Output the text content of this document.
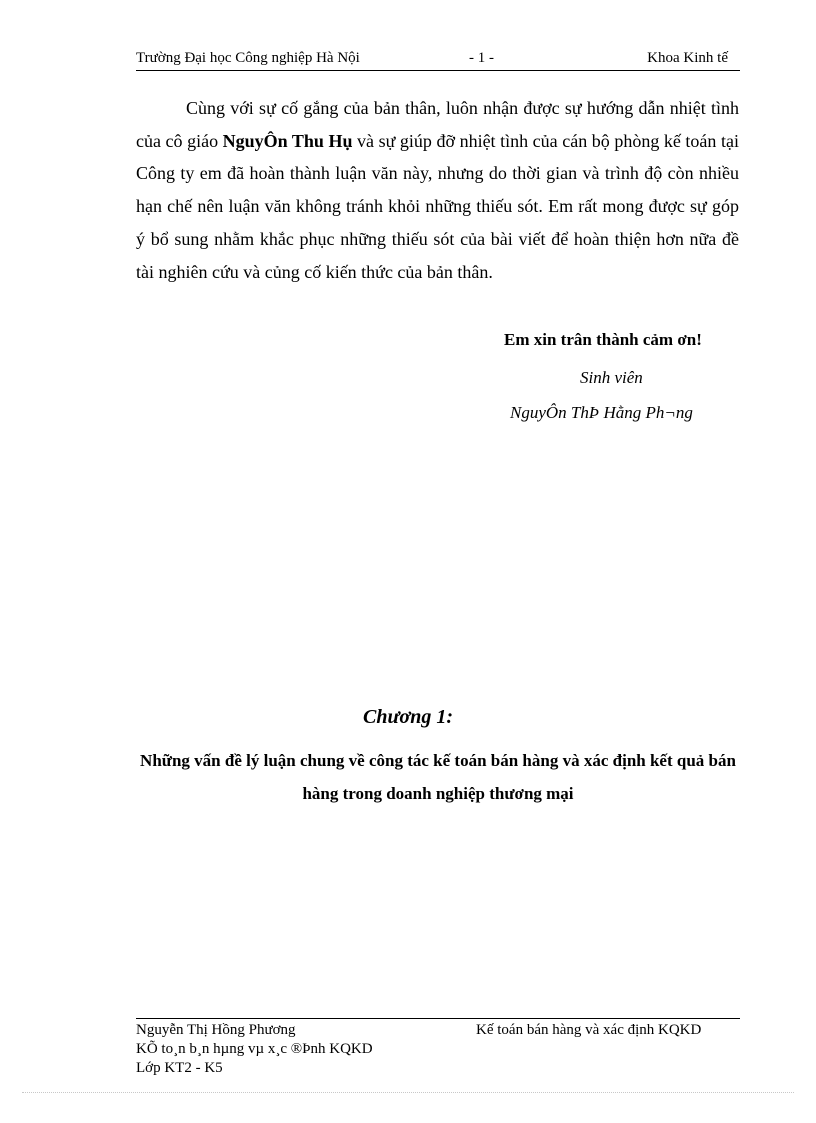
Trường Đại học Công nghiệp Hà Nội	- 1 -	Khoa Kinh tế

Cùng với sự cố gắng của bản thân, luôn nhận được sự hướng dẫn nhiệt tình của cô giáo NguyÔn Thu Hụ và sự giúp đỡ nhiệt tình của cán bộ phòng kế toán tại Công ty em đã hoàn thành luận văn này, nhưng do thời gian và trình độ còn nhiều hạn chế nên luận văn không tránh khỏi những thiếu sót. Em rất mong được sự góp ý bổ sung nhằm khắc phục những thiếu sót của bài viết để hoàn thiện hơn nữa đề tài nghiên cứu và củng cố kiến thức của bản thân.

Em xin trân thành cảm ơn!
Sinh viên
NguyÔn ThÞ Hằng Ph¬ng
Chương 1:
Những vấn đề lý luận chung về công tác kế toán bán hàng và xác định kết quả bán hàng trong doanh nghiệp thương mại
Nguyễn Thị Hồng Phương	Kế toán bán hàng và xác định KQKD
KÕ to¸n b¸n hµng vµ x¸c ®Þnh KQKD
Lớp KT2 - K5
